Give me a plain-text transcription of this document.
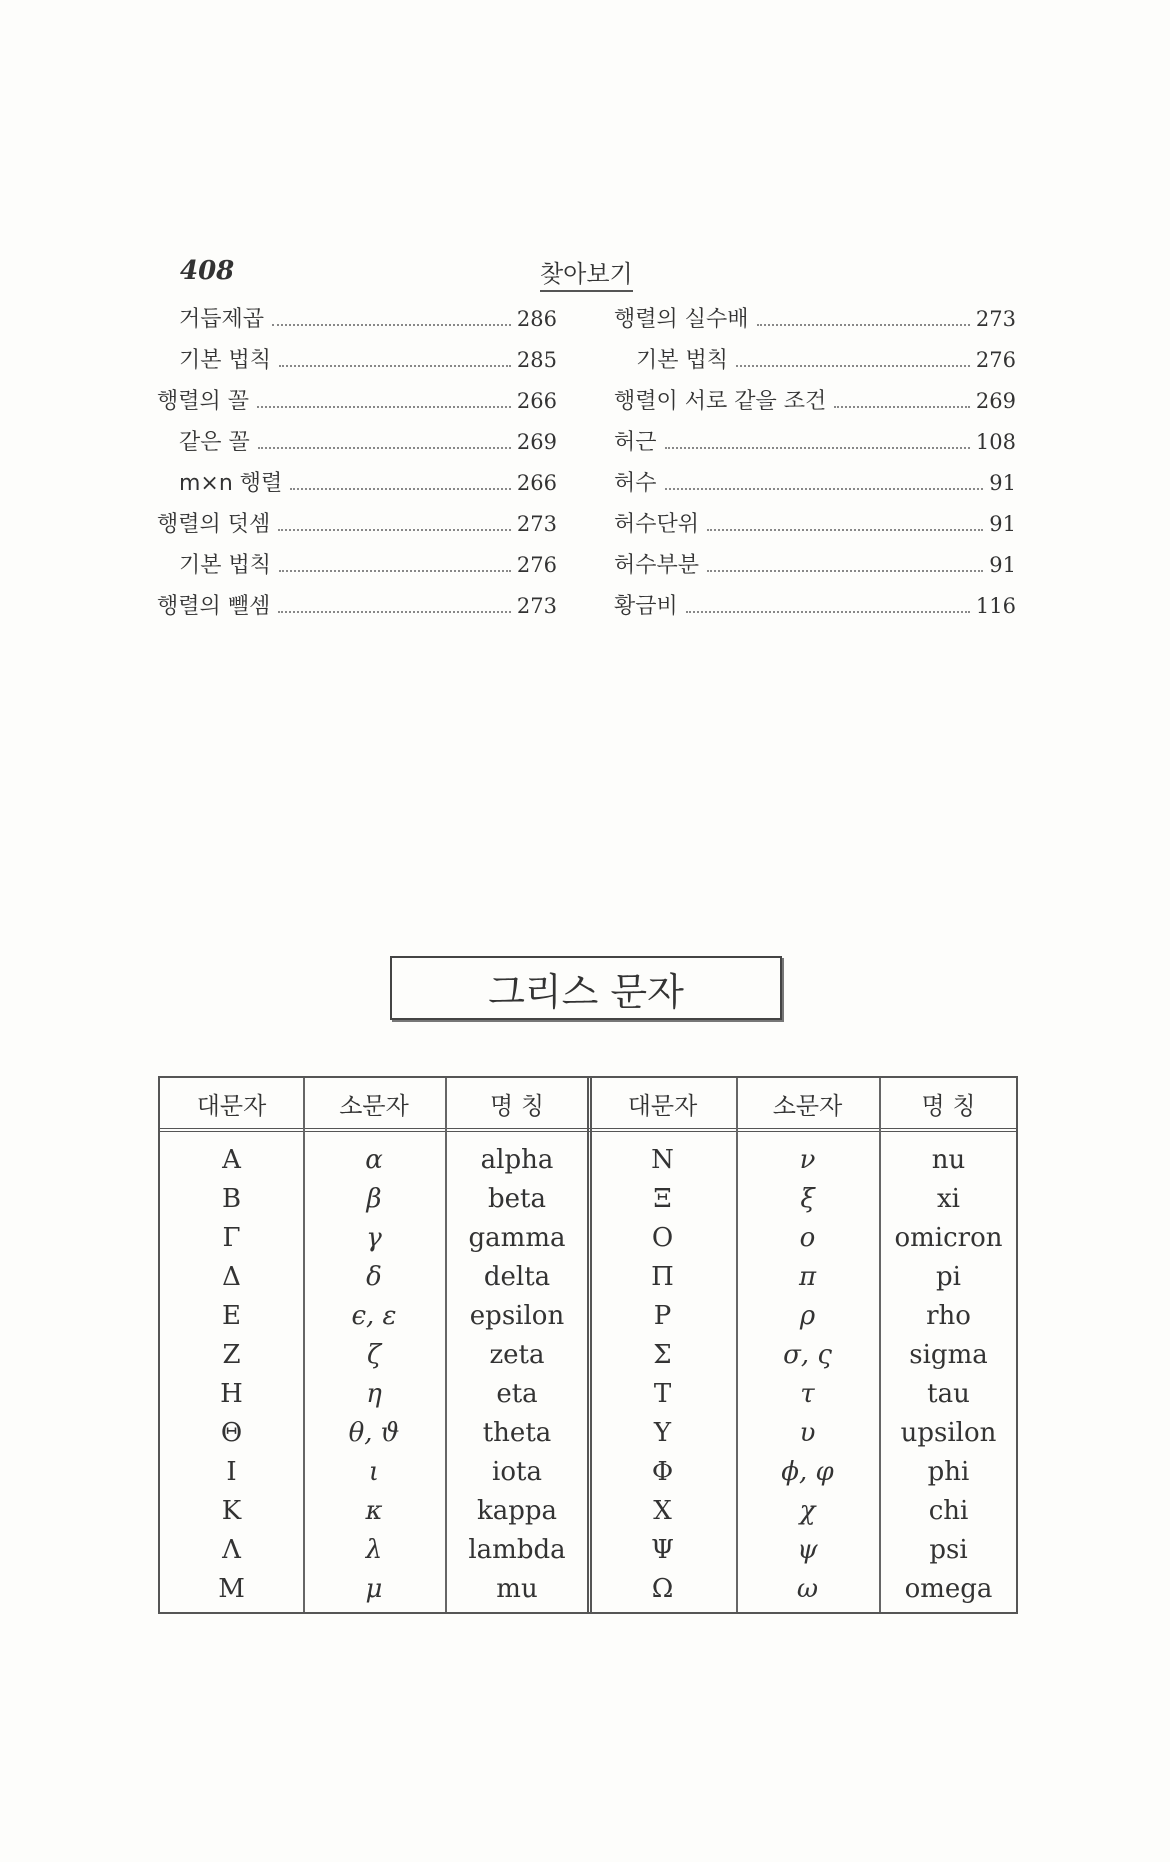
408	찾아보기
거듭제곱	286
기본 법칙	285
행렬의 꼴	266
같은 꼴	269
m×n 행렬	266
행렬의 덧셈	273
기본 법칙	276
행렬의 뺄셈	273
행렬의 실수배	273
기본 법칙	276
행렬이 서로 같을 조건	269
허근	108
허수	91
허수단위	91
허수부분	91
황금비	116
그리스 문자
대문자	소문자	명 칭	대문자	소문자	명 칭
A	α	alpha	N	ν	nu
B	β	beta	Ξ	ξ	xi
Γ	γ	gamma	O	ο	omicron
Δ	δ	delta	Π	π	pi
E	ϵ, ε	epsilon	P	ρ	rho
Z	ζ	zeta	Σ	σ, ς	sigma
H	η	eta	T	τ	tau
Θ	θ, ϑ	theta	Υ	υ	upsilon
I	ι	iota	Φ	ϕ, φ	phi
K	κ	kappa	X	χ	chi
Λ	λ	lambda	Ψ	ψ	psi
M	μ	mu	Ω	ω	omega
